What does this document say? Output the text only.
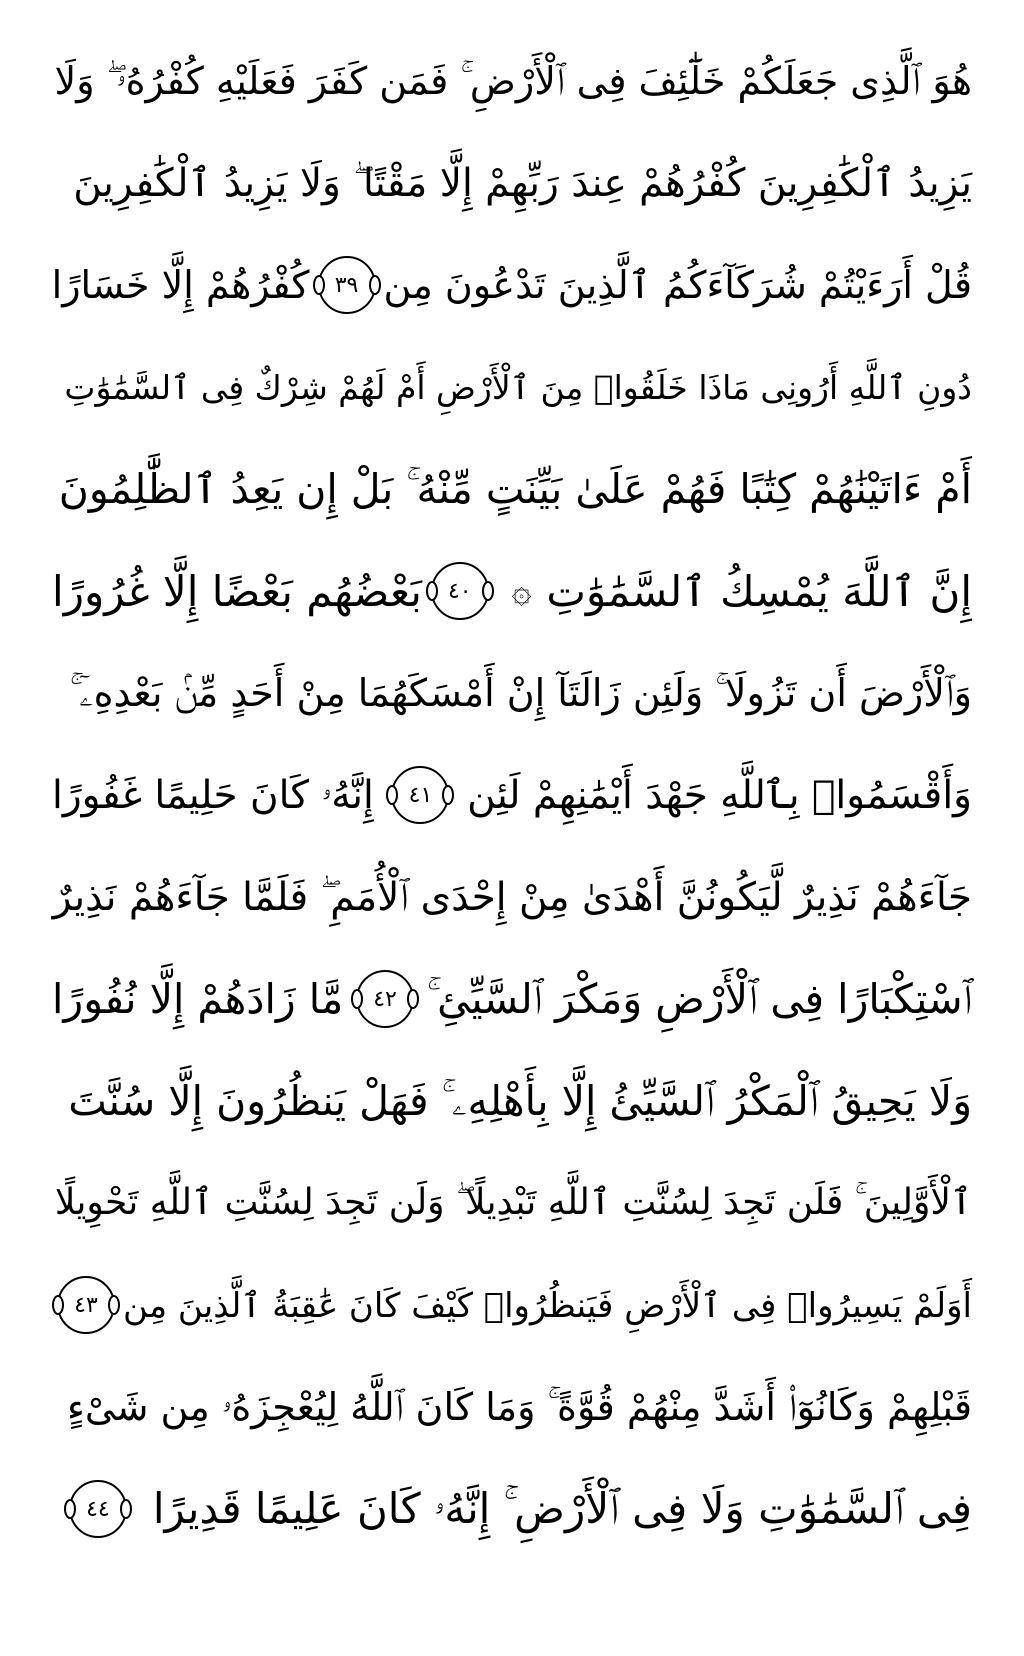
هُوَ ٱلَّذِى جَعَلَكُمْ خَلَٰٓئِفَ فِى ٱلْأَرْضِ ۚ فَمَن كَفَرَ فَعَلَيْهِ كُفْرُهُۥ ۖ وَلَا
يَزِيدُ ٱلْكَٰفِرِينَ كُفْرُهُمْ عِندَ رَبِّهِمْ إِلَّا مَقْتًا ۖ وَلَا يَزِيدُ ٱلْكَٰفِرِينَ
قُلْ أَرَءَيْتُمْ شُرَكَآءَكُمُ ٱلَّذِينَ تَدْعُونَ مِن
٣٩
كُفْرُهُمْ إِلَّا خَسَارًا
دُونِ ٱللَّهِ أَرُونِى مَاذَا خَلَقُوا۟ مِنَ ٱلْأَرْضِ أَمْ لَهُمْ شِرْكٌ فِى ٱلسَّمَٰوَٰتِ
أَمْ ءَاتَيْنَٰهُمْ كِتَٰبًا فَهُمْ عَلَىٰ بَيِّنَتٍ مِّنْهُ ۚ بَلْ إِن يَعِدُ ٱلظَّٰلِمُونَ
إِنَّ ٱللَّهَ يُمْسِكُ ٱلسَّمَٰوَٰتِ
۞
٤٠
بَعْضُهُم بَعْضًا إِلَّا غُرُورًا
وَٱلْأَرْضَ أَن تَزُولَا ۚ وَلَئِن زَالَتَآ إِنْ أَمْسَكَهُمَا مِنْ أَحَدٍ مِّنۢ بَعْدِهِۦٓ ۚ
وَأَقْسَمُوا۟ بِٱللَّهِ جَهْدَ أَيْمَٰنِهِمْ لَئِن
٤١
إِنَّهُۥ كَانَ حَلِيمًا غَفُورًا
جَآءَهُمْ نَذِيرٌ لَّيَكُونُنَّ أَهْدَىٰ مِنْ إِحْدَى ٱلْأُمَمِ ۖ فَلَمَّا جَآءَهُمْ نَذِيرٌ
ٱسْتِكْبَارًا فِى ٱلْأَرْضِ وَمَكْرَ ٱلسَّيِّئِ ۚ
٤٢
مَّا زَادَهُمْ إِلَّا نُفُورًا
وَلَا يَحِيقُ ٱلْمَكْرُ ٱلسَّيِّئُ إِلَّا بِأَهْلِهِۦ ۚ فَهَلْ يَنظُرُونَ إِلَّا سُنَّتَ
ٱلْأَوَّلِينَ ۚ فَلَن تَجِدَ لِسُنَّتِ ٱللَّهِ تَبْدِيلًا ۖ وَلَن تَجِدَ لِسُنَّتِ ٱللَّهِ تَحْوِيلًا
أَوَلَمْ يَسِيرُوا۟ فِى ٱلْأَرْضِ فَيَنظُرُوا۟ كَيْفَ كَانَ عَٰقِبَةُ ٱلَّذِينَ مِن
٤٣
قَبْلِهِمْ وَكَانُوٓا۟ أَشَدَّ مِنْهُمْ قُوَّةً ۚ وَمَا كَانَ ٱللَّهُ لِيُعْجِزَهُۥ مِن شَىْءٍ
فِى ٱلسَّمَٰوَٰتِ وَلَا فِى ٱلْأَرْضِ ۚ إِنَّهُۥ كَانَ عَلِيمًا قَدِيرًا
٤٤
